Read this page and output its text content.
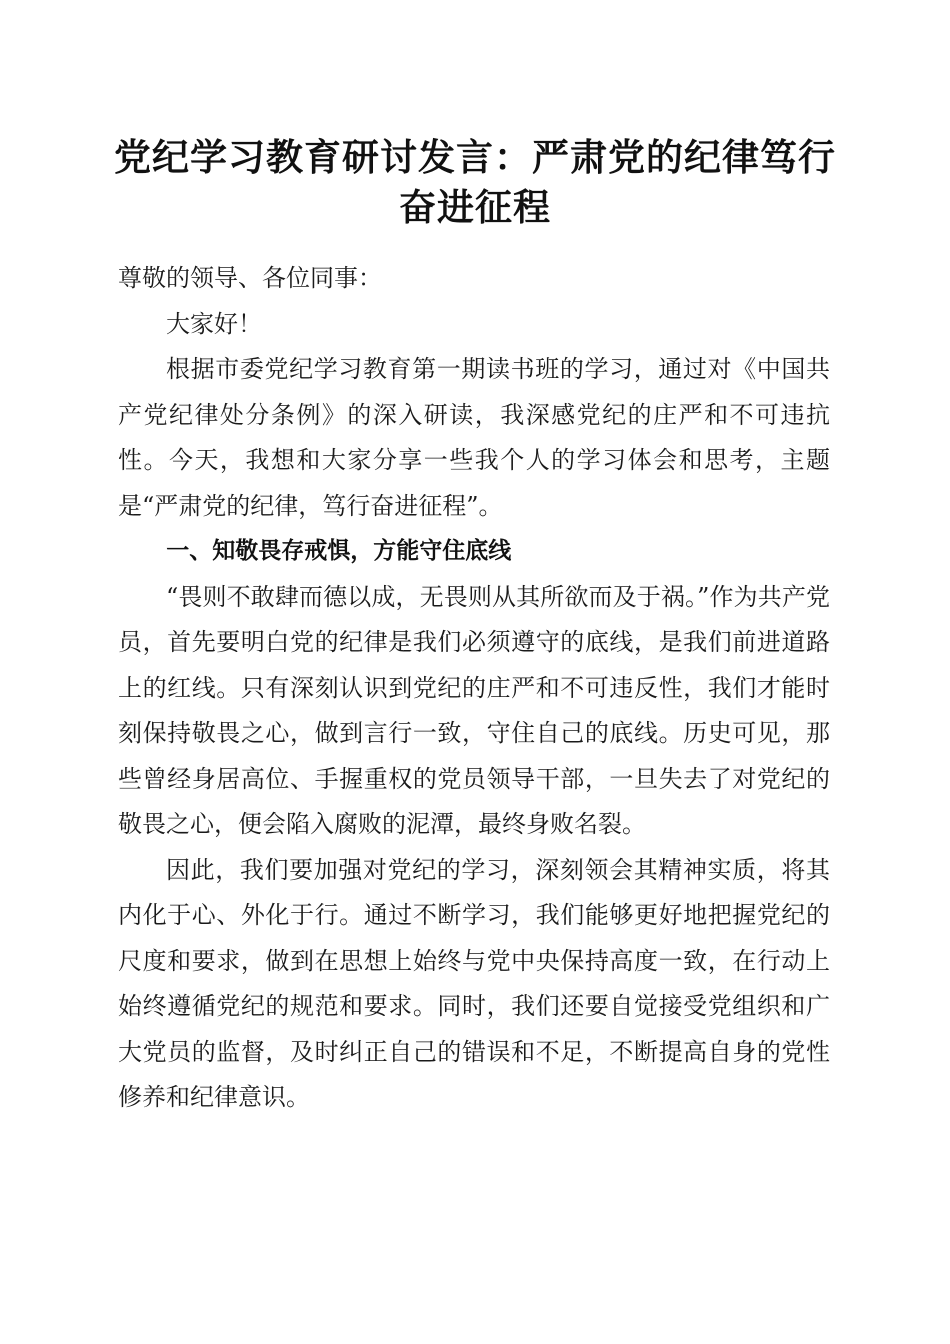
党纪学习教育研讨发言：严肃党的纪律笃行奋进征程

尊敬的领导、各位同事：

大家好！

根据市委党纪学习教育第一期读书班的学习，通过对《中国共产党纪律处分条例》的深入研读，我深感党纪的庄严和不可违抗性。今天，我想和大家分享一些我个人的学习体会和思考，主题是“严肃党的纪律，笃行奋进征程”。

一、知敬畏存戒惧，方能守住底线

“畏则不敢肆而德以成，无畏则从其所欲而及于祸。”作为共产党员，首先要明白党的纪律是我们必须遵守的底线，是我们前进道路上的红线。只有深刻认识到党纪的庄严和不可违反性，我们才能时刻保持敬畏之心，做到言行一致，守住自己的底线。历史可见，那些曾经身居高位、手握重权的党员领导干部，一旦失去了对党纪的敬畏之心，便会陷入腐败的泥潭，最终身败名裂。

因此，我们要加强对党纪的学习，深刻领会其精神实质，将其内化于心、外化于行。通过不断学习，我们能够更好地把握党纪的尺度和要求，做到在思想上始终与党中央保持高度一致，在行动上始终遵循党纪的规范和要求。同时，我们还要自觉接受党组织和广大党员的监督，及时纠正自己的错误和不足，不断提高自身的党性修养和纪律意识。
